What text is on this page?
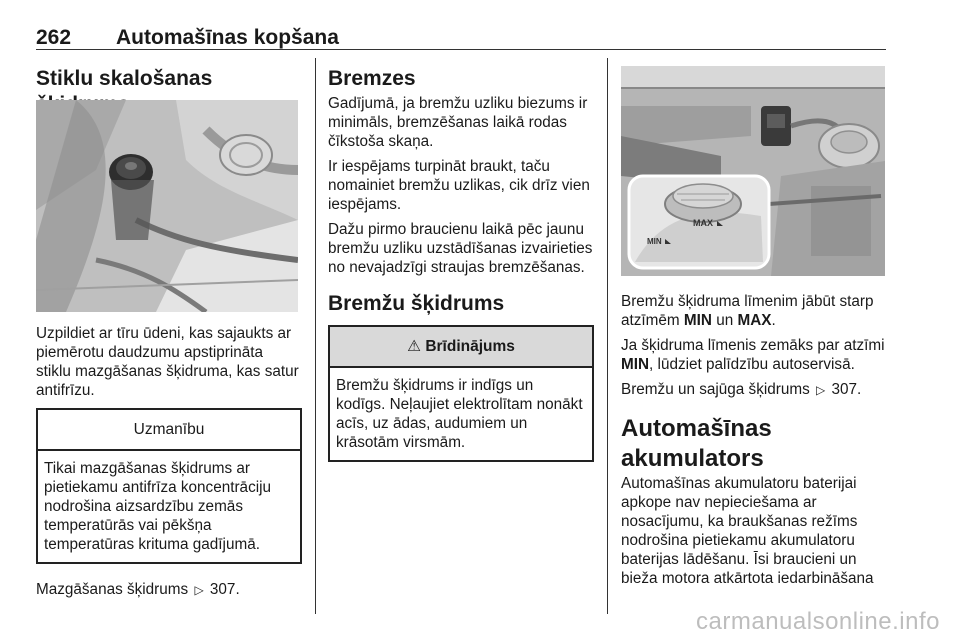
262 Automašīnas kopšana
Stiklu skalošanas

Uzpildiet ar tīru ūdeni, kas sajaukts ar piemērotu daudzumu apstiprināta stiklu mazgāšanas šķidruma, kas satur antifrīzu.

Uzmanību
Tikai mazgāšanas šķidrums ar pietiekamu antifrīza koncentrāciju nodrošina aizsardzību zemās temperatūrās vai pēkšņa temperatūras krituma gadījumā.

Mazgāšanas šķidrums ▷ 307.

Bremzes

Gadījumā, ja bremžu uzliku biezums ir minimāls, bremzēšanas laikā rodas čīkstoša skaņa.

Ir iespējams turpināt braukt, taču nomainiet bremžu uzlikas, cik drīz vien iespējams.

Dažu pirmo braucienu laikā pēc jaunu bremžu uzliku uzstādīšanas izvairieties no nevajadzīgi straujas bremzēšanas.

Bremžu šķidrums
⚠ Brīdinājums
Bremžu šķidrums ir indīgs un kodīgs. Neļaujiet elektrolītam nonākt acīs, uz ādas, audumiem un krāsotām virsmām.
MAX
MIN

Bremžu šķidruma līmenim jābūt starp atzīmēm MIN un MAX.

Ja šķidruma līmenis zemāks par atzīmi MIN, lūdziet palīdzību autoservisā.

Bremžu un sajūga šķidrums ▷ 307.

Automašīnas akumulators

Automašīnas akumulatoru baterijai apkope nav nepieciešama ar nosacījumu, ka braukšanas režīms nodrošina pietiekamu akumulatoru baterijas lādēšanu. Īsi braucieni un bieža motora atkārtota iedarbināšana

carmanualsonline.info
